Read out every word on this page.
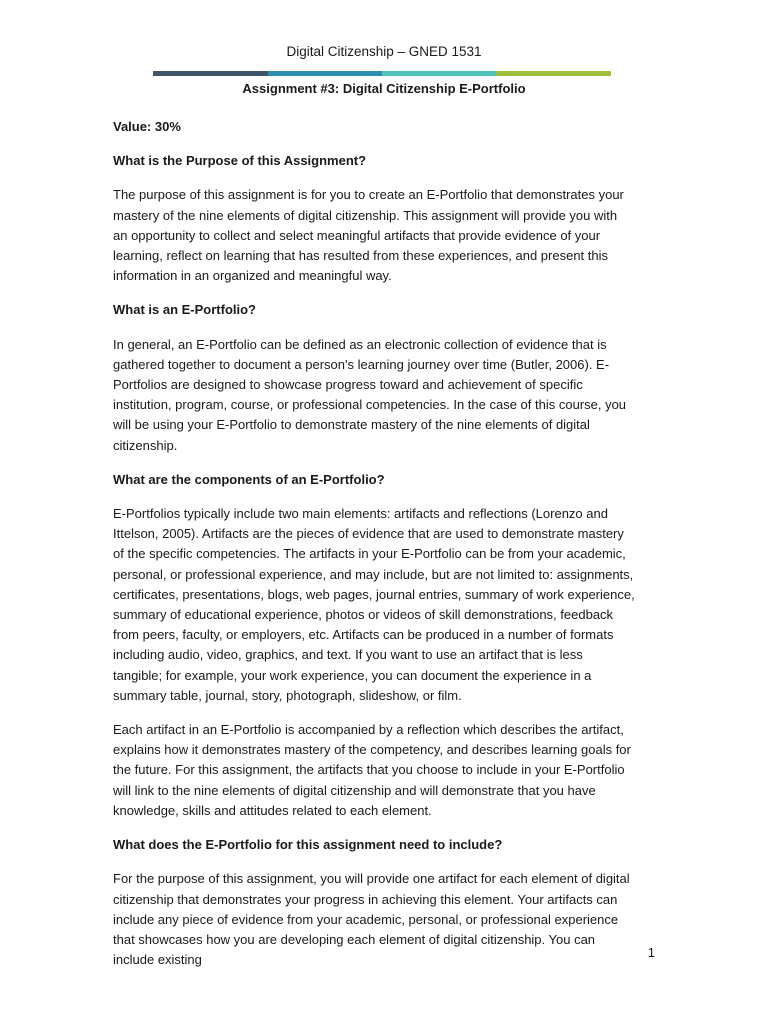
Digital Citizenship – GNED 1531
Assignment #3: Digital Citizenship E-Portfolio

Value: 30%

What is the Purpose of this Assignment?

The purpose of this assignment is for you to create an E-Portfolio that demonstrates your mastery of the nine elements of digital citizenship. This assignment will provide you with an opportunity to collect and select meaningful artifacts that provide evidence of your learning, reflect on learning that has resulted from these experiences, and present this information in an organized and meaningful way.

What is an E-Portfolio?

In general, an E-Portfolio can be defined as an electronic collection of evidence that is gathered together to document a person's learning journey over time (Butler, 2006). E-Portfolios are designed to showcase progress toward and achievement of specific institution, program, course, or professional competencies. In the case of this course, you will be using your E-Portfolio to demonstrate mastery of the nine elements of digital citizenship.

What are the components of an E-Portfolio?

E-Portfolios typically include two main elements: artifacts and reflections (Lorenzo and Ittelson, 2005). Artifacts are the pieces of evidence that are used to demonstrate mastery of the specific competencies. The artifacts in your E-Portfolio can be from your academic, personal, or professional experience, and may include, but are not limited to: assignments, certificates, presentations, blogs, web pages, journal entries, summary of work experience, summary of educational experience, photos or videos of skill demonstrations, feedback from peers, faculty, or employers, etc. Artifacts can be produced in a number of formats including audio, video, graphics, and text. If you want to use an artifact that is less tangible; for example, your work experience, you can document the experience in a summary table, journal, story, photograph, slideshow, or film.

Each artifact in an E-Portfolio is accompanied by a reflection which describes the artifact, explains how it demonstrates mastery of the competency, and describes learning goals for the future. For this assignment, the artifacts that you choose to include in your E-Portfolio will link to the nine elements of digital citizenship and will demonstrate that you have knowledge, skills and attitudes related to each element.

What does the E-Portfolio for this assignment need to include?

For the purpose of this assignment, you will provide one artifact for each element of digital citizenship that demonstrates your progress in achieving this element. Your artifacts can include any piece of evidence from your academic, personal, or professional experience that showcases how you are developing each element of digital citizenship. You can include existing	1
